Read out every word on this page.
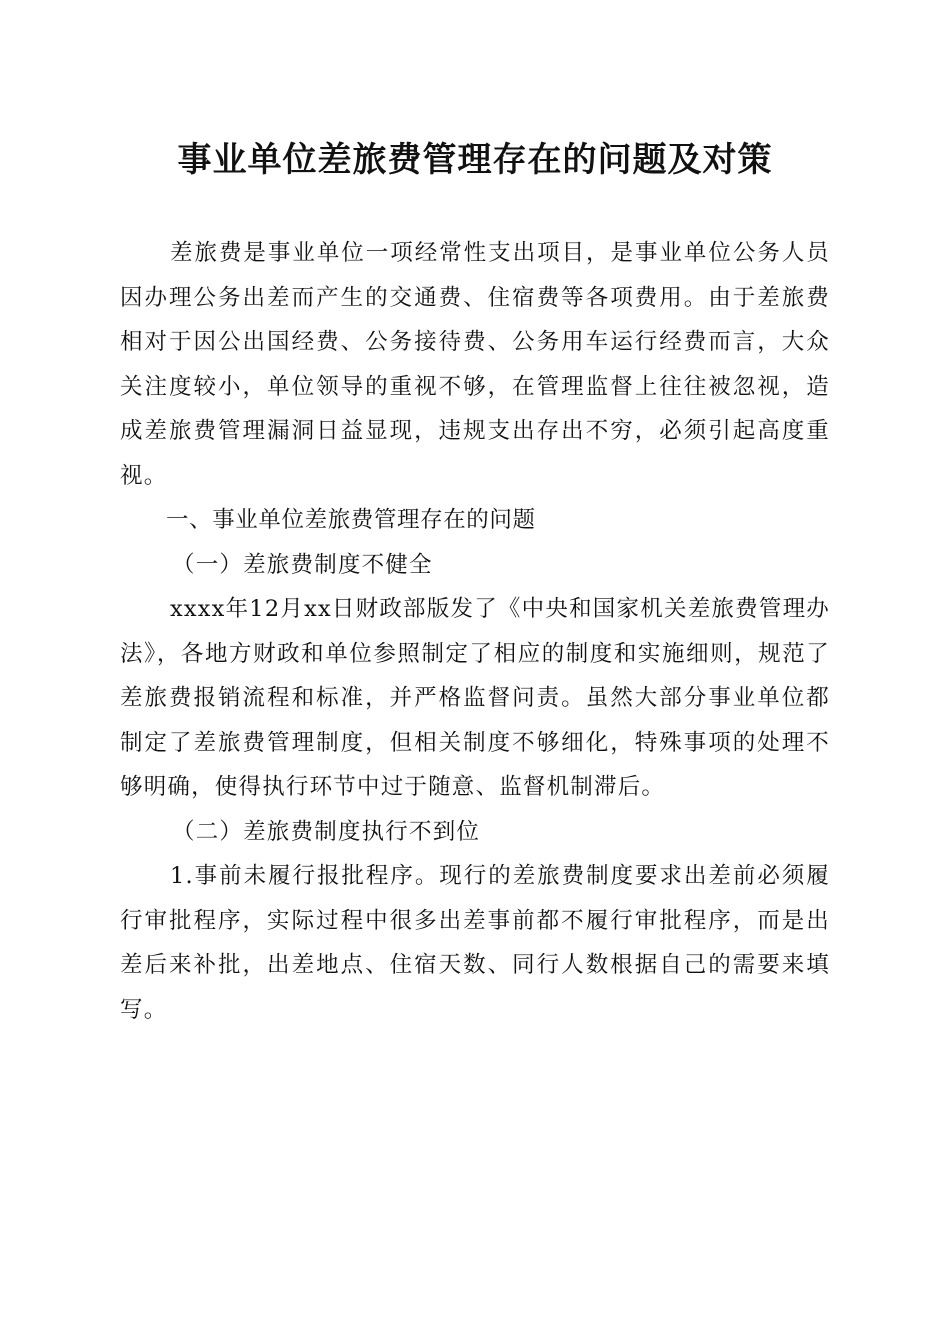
事业单位差旅费管理存在的问题及对策

差旅费是事业单位一项经常性支出项目，是事业单位公务人员因办理公务出差而产生的交通费、住宿费等各项费用。由于差旅费相对于因公出国经费、公务接待费、公务用车运行经费而言，大众关注度较小，单位领导的重视不够，在管理监督上往往被忽视，造成差旅费管理漏洞日益显现，违规支出存出不穷，必须引起高度重视。

一、事业单位差旅费管理存在的问题

（一）差旅费制度不健全

xxxx年12月xx日财政部版发了《中央和国家机关差旅费管理办法》，各地方财政和单位参照制定了相应的制度和实施细则，规范了差旅费报销流程和标准，并严格监督问责。虽然大部分事业单位都制定了差旅费管理制度，但相关制度不够细化，特殊事项的处理不够明确，使得执行环节中过于随意、监督机制滞后。

（二）差旅费制度执行不到位

1.事前未履行报批程序。现行的差旅费制度要求出差前必须履行审批程序，实际过程中很多出差事前都不履行审批程序，而是出差后来补批，出差地点、住宿天数、同行人数根据自己的需要来填写。
